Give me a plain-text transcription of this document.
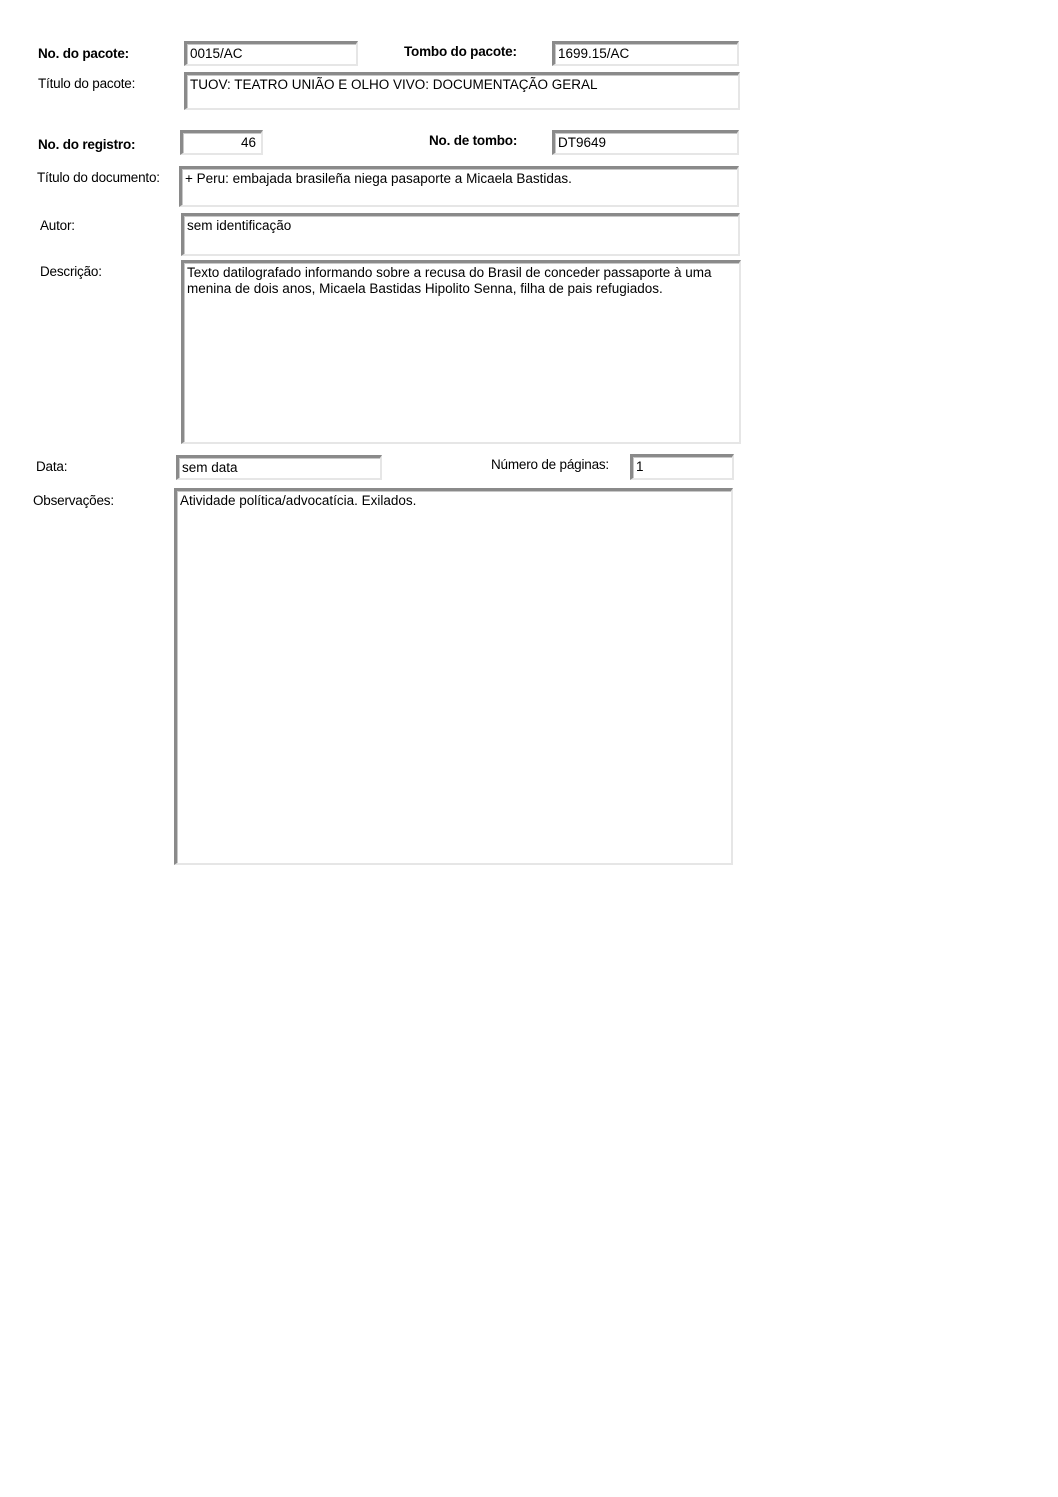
No. do pacote:	0015/AC	Tombo do pacote:	1699.15/AC
Título do pacote:	TUOV: TEATRO UNIÃO E OLHO VIVO: DOCUMENTAÇÃO GERAL
No. do registro:	46	No. de tombo:	DT9649
Título do documento: + Peru: embajada brasileña niega pasaporte a Micaela Bastidas.
Autor:	sem identificação
Descrição:	Texto datilografado informando sobre a recusa do Brasil de conceder passaporte à uma menina de dois anos, Micaela Bastidas Hipolito Senna, filha de pais refugiados.
Data:	sem data	Número de páginas: 1
Observações:	Atividade política/advocatícia. Exilados.
